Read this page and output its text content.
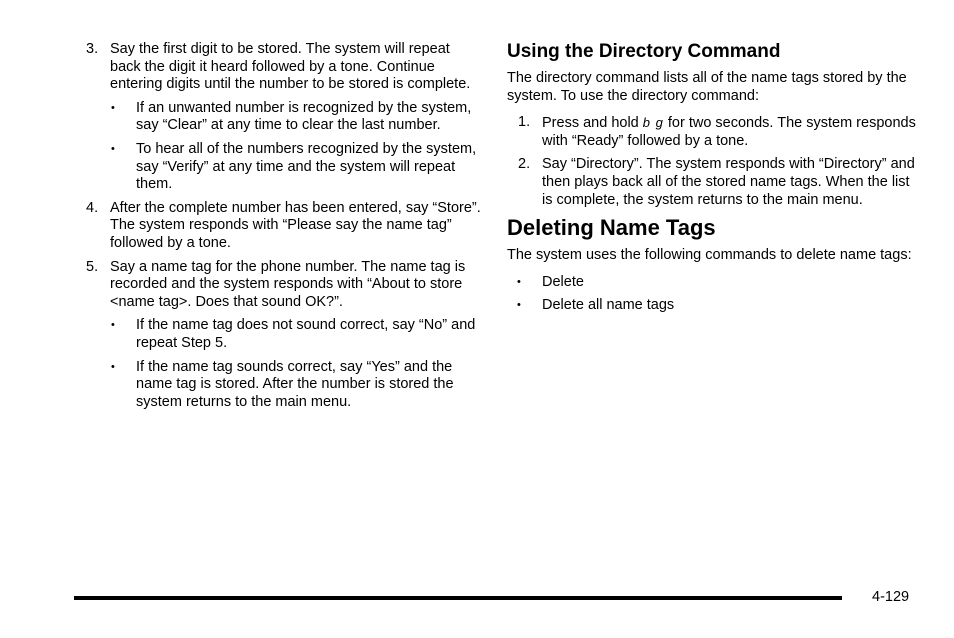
3. Say the first digit to be stored. The system will repeat back the digit it heard followed by a tone. Continue entering digits until the number to be stored is complete.
•	If an unwanted number is recognized by the system, say “Clear” at any time to clear the last number.
•	To hear all of the numbers recognized by the system, say “Verify” at any time and the system will repeat them.
4. After the complete number has been entered, say “Store”. The system responds with “Please say the name tag” followed by a tone.
5. Say a name tag for the phone number. The name tag is recorded and the system responds with “About to store <name tag>. Does that sound OK?”.
•	If the name tag does not sound correct, say “No” and repeat Step 5.
•	If the name tag sounds correct, say “Yes” and the name tag is stored. After the number is stored the system returns to the main menu.
Using the Directory Command

The directory command lists all of the name tags stored by the system. To use the directory command:

1. Press and hold b g for two seconds. The system responds with “Ready” followed by a tone.
2. Say “Directory”. The system responds with “Directory” and then plays back all of the stored name tags. When the list is complete, the system returns to the main menu.
Deleting Name Tags

The system uses the following commands to delete name tags:

•	Delete
•	Delete all name tags
4-129
